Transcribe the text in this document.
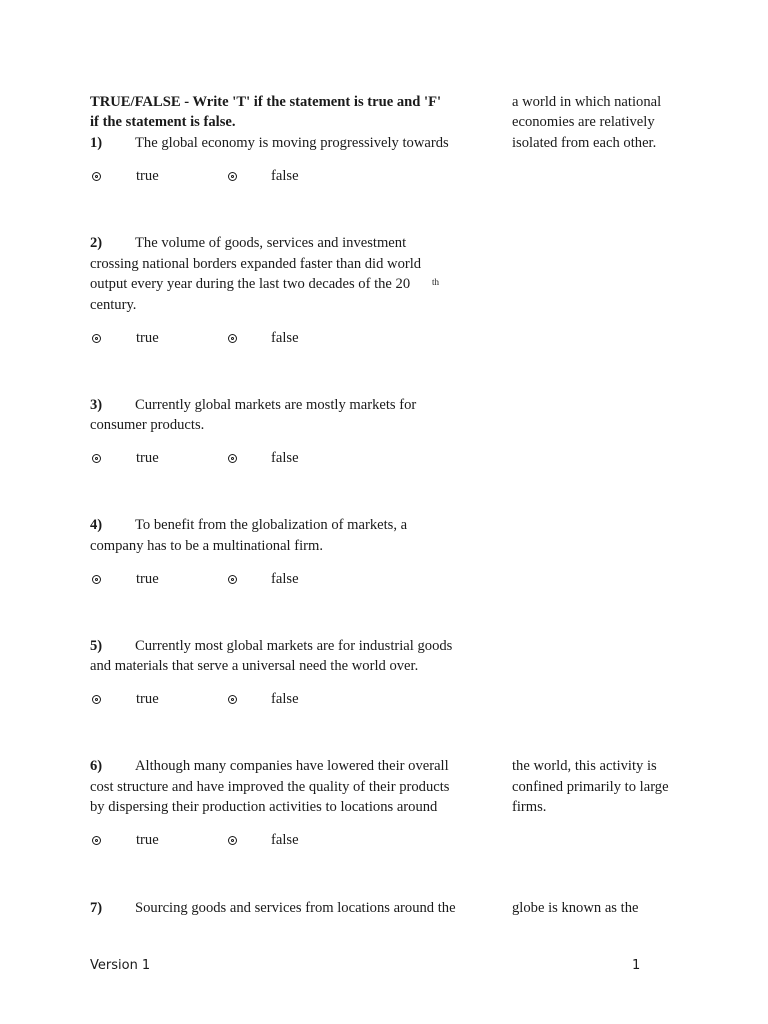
TRUE/FALSE - Write 'T' if the statement is true and 'F'
if the statement is false.
1) The global economy is moving progressively towards
a world in which national
economies are relatively
isolated from each other.
true	false
2) The volume of goods, services and investment
crossing national borders expanded faster than did world
output every year during the last two decades of the 20 th
century.
true	false
3) Currently global markets are mostly markets for
consumer products.
true	false
4) To benefit from the globalization of markets, a
company has to be a multinational firm.
true	false
5) Currently most global markets are for industrial goods
and materials that serve a universal need the world over.
true	false
6) Although many companies have lowered their overall
cost structure and have improved the quality of their products
by dispersing their production activities to locations around
the world, this activity is
confined primarily to large
firms.
true	false
7) Sourcing goods and services from locations around the	globe is known as the
Version 1	1
